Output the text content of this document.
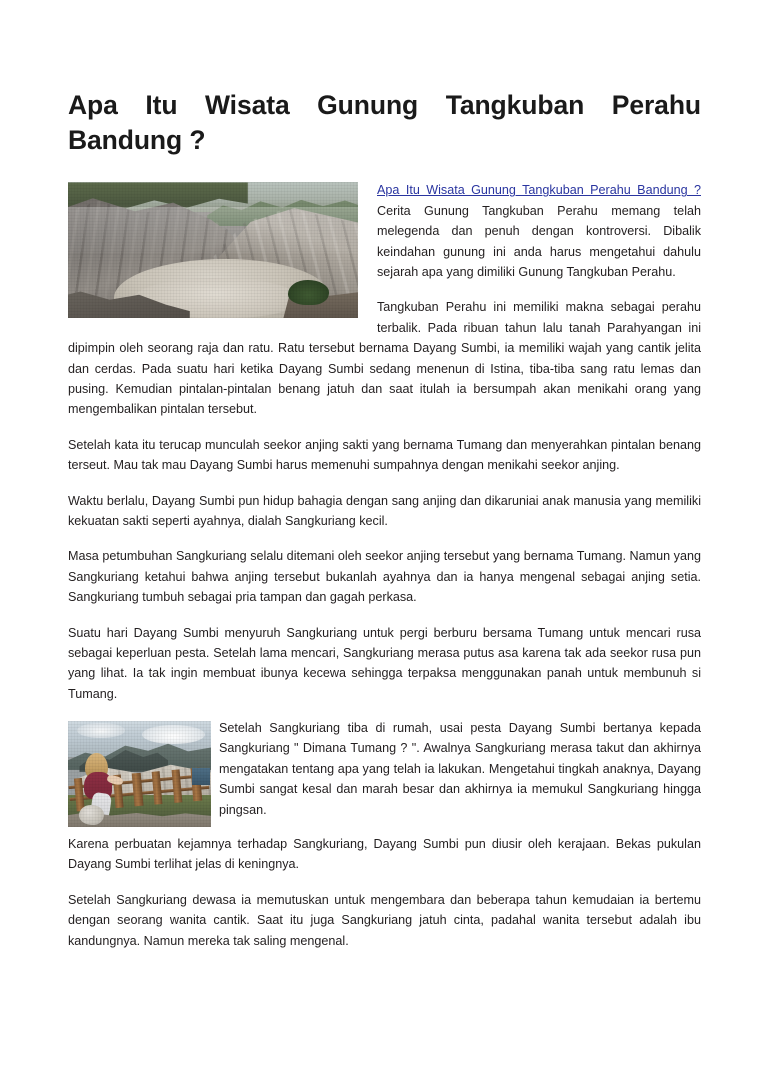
Apa Itu Wisata Gunung Tangkuban Perahu
Bandung ?

Apa Itu Wisata Gunung Tangkuban Perahu Bandung ? Cerita Gunung Tangkuban Perahu memang telah melegenda dan penuh dengan kontroversi. Dibalik keindahan gunung ini anda harus mengetahui dahulu sejarah apa yang dimiliki Gunung Tangkuban Perahu.

Tangkuban Perahu ini memiliki makna sebagai perahu terbalik. Pada ribuan tahun lalu tanah Parahyangan ini dipimpin oleh seorang raja dan ratu. Ratu tersebut bernama Dayang Sumbi, ia memiliki wajah yang cantik jelita dan cerdas. Pada suatu hari ketika Dayang Sumbi sedang menenun di Istina, tiba-tiba sang ratu lemas dan pusing. Kemudian pintalan-pintalan benang jatuh dan saat itulah ia bersumpah akan menikahi orang yang mengembalikan pintalan tersebut.

Setelah kata itu terucap munculah seekor anjing sakti yang bernama Tumang dan menyerahkan pintalan benang terseut. Mau tak mau Dayang Sumbi harus memenuhi sumpahnya dengan menikahi seekor anjing.

Waktu berlalu, Dayang Sumbi pun hidup bahagia dengan sang anjing dan dikaruniai anak manusia yang memiliki kekuatan sakti seperti ayahnya, dialah Sangkuriang kecil.

Masa petumbuhan Sangkuriang selalu ditemani oleh seekor anjing tersebut yang bernama Tumang. Namun yang Sangkuriang ketahui bahwa anjing tersebut bukanlah ayahnya dan ia hanya mengenal sebagai anjing setia. Sangkuriang tumbuh sebagai pria tampan dan gagah perkasa.

Suatu hari Dayang Sumbi menyuruh Sangkuriang untuk pergi berburu bersama Tumang untuk mencari rusa sebagai keperluan pesta. Setelah lama mencari, Sangkuriang merasa putus asa karena tak ada seekor rusa pun yang lihat. Ia tak ingin membuat ibunya kecewa sehingga terpaksa menggunakan panah untuk membunuh si Tumang.

Setelah Sangkuriang tiba di rumah, usai pesta Dayang Sumbi bertanya kepada Sangkuriang " Dimana Tumang ? ". Awalnya Sangkuriang merasa takut dan akhirnya mengatakan tentang apa yang telah ia lakukan. Mengetahui tingkah anaknya, Dayang Sumbi sangat kesal dan marah besar dan akhirnya ia memukul Sangkuriang hingga pingsan.

Karena perbuatan kejamnya terhadap Sangkuriang, Dayang Sumbi pun diusir oleh kerajaan. Bekas pukulan Dayang Sumbi terlihat jelas di keningnya.

Setelah Sangkuriang dewasa ia memutuskan untuk mengembara dan beberapa tahun kemudaian ia bertemu dengan seorang wanita cantik. Saat itu juga Sangkuriang jatuh cinta, padahal wanita tersebut adalah ibu kandungnya. Namun mereka tak saling mengenal.
